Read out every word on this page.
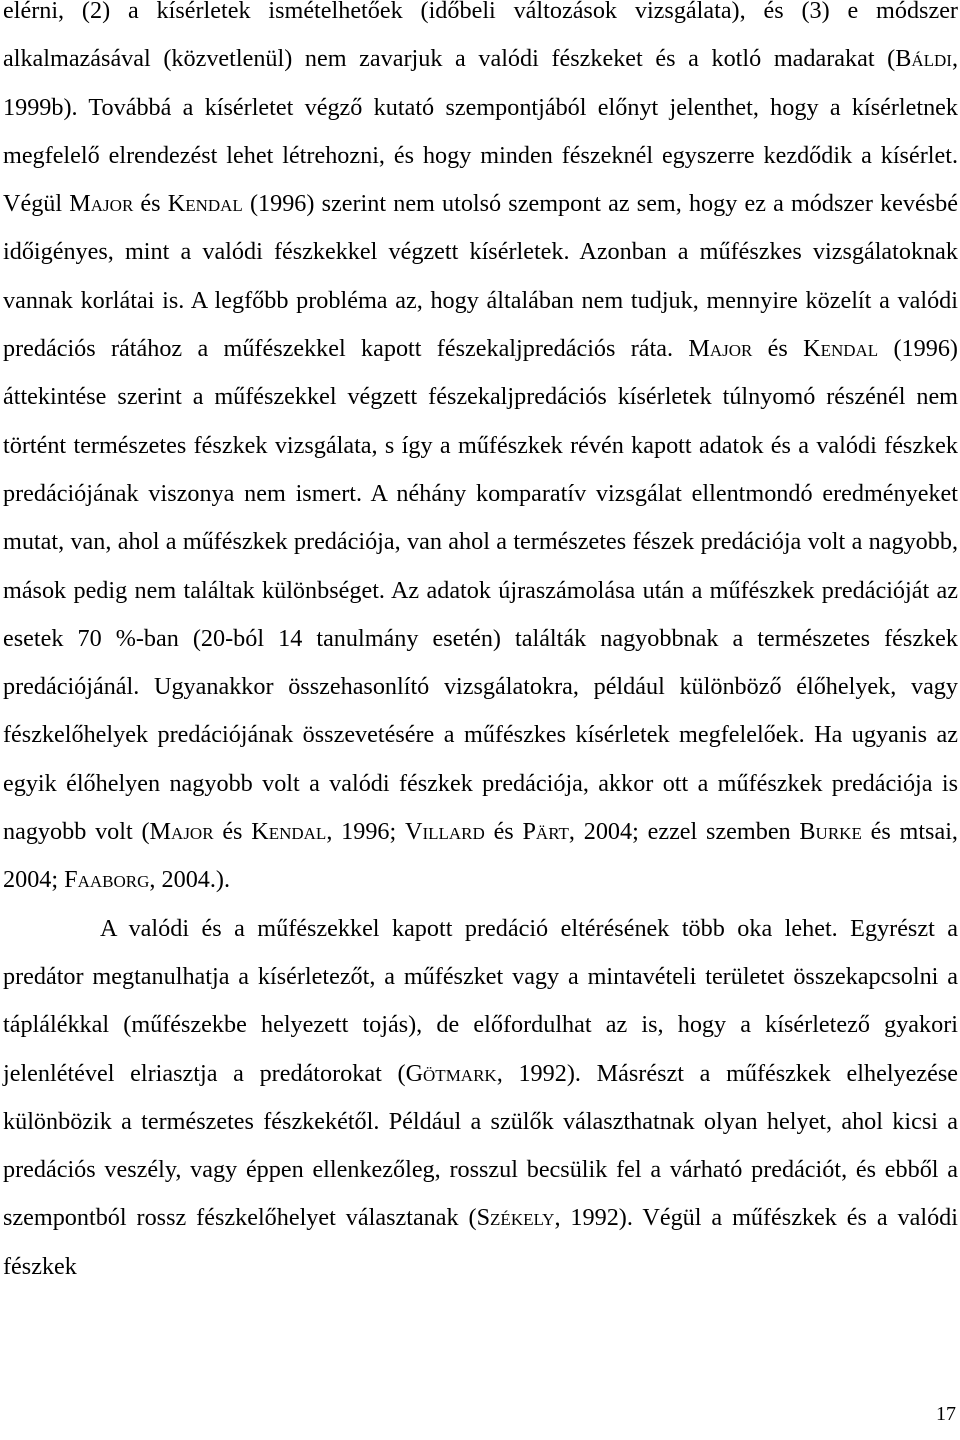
elérni, (2) a kísérletek ismételhetőek (időbeli változások vizsgálata), és (3) e módszer alkalmazásával (közvetlenül) nem zavarjuk a valódi fészkeket és a kotló madarakat (Báldi, 1999b). Továbbá a kísérletet végző kutató szempontjából előnyt jelenthet, hogy a kísérletnek megfelelő elrendezést lehet létrehozni, és hogy minden fészeknél egyszerre kezdődik a kísérlet. Végül Major és Kendal (1996) szerint nem utolsó szempont az sem, hogy ez a módszer kevésbé időigényes, mint a valódi fészkekkel végzett kísérletek. Azonban a műfészkes vizsgálatoknak vannak korlátai is. A legfőbb probléma az, hogy általában nem tudjuk, mennyire közelít a valódi predációs rátához a műfészekkel kapott fészekaljpredációs ráta. Major és Kendal (1996) áttekintése szerint a műfészekkel végzett fészekaljpredációs kísérletek túlnyomó részénél nem történt természetes fészkek vizsgálata, s így a műfészkek révén kapott adatok és a valódi fészkek predációjának viszonya nem ismert. A néhány komparatív vizsgálat ellentmondó eredményeket mutat, van, ahol a műfészkek predációja, van ahol a természetes fészek predációja volt a nagyobb, mások pedig nem találtak különbséget. Az adatok újraszámolása után a műfészkek predációját az esetek 70 %-ban (20-ból 14 tanulmány esetén) találták nagyobbnak a természetes fészkek predációjánál. Ugyanakkor összehasonlító vizsgálatokra, például különböző élőhelyek, vagy fészkelőhelyek predációjának összevetésére a műfészkes kísérletek megfelelőek. Ha ugyanis az egyik élőhelyen nagyobb volt a valódi fészkek predációja, akkor ott a műfészkek predációja is nagyobb volt (Major és Kendal, 1996; Villard és Pärt, 2004; ezzel szemben Burke és mtsai, 2004; Faaborg, 2004.).

A valódi és a műfészekkel kapott predáció eltérésének több oka lehet. Egyrészt a predátor megtanulhatja a kísérletezőt, a műfészket vagy a mintavételi területet összekapcsolni a táplálékkal (műfészekbe helyezett tojás), de előfordulhat az is, hogy a kísérletező gyakori jelenlétével elriasztja a predátorokat (Götmark, 1992). Másrészt a műfészkek elhelyezése különbözik a természetes fészkekétől. Például a szülők választhatnak olyan helyet, ahol kicsi a predációs veszély, vagy éppen ellenkezőleg, rosszul becsülik fel a várható predációt, és ebből a szempontból rossz fészkelőhelyet választanak (Székely, 1992). Végül a műfészkek és a valódi fészkek

17
